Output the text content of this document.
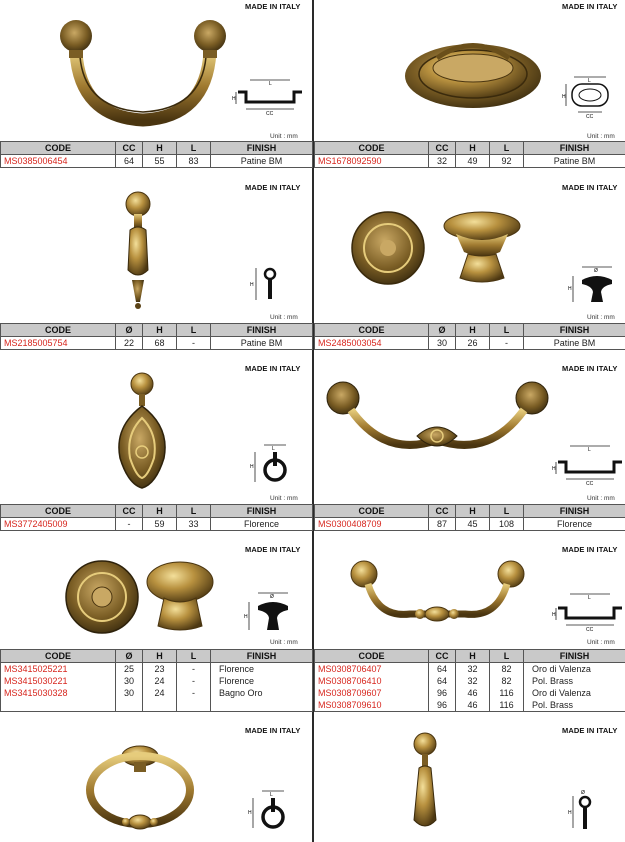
MADE IN ITALY
L
H
CC
Unit : mm
CODE	CC	H	L	FINISH
MS0385006454	64	55	83	Patine BM
MADE IN ITALY
L
H
CC
Unit : mm
CODE	CC	H	L	FINISH
MS1678092590	32	49	92	Patine BM
MADE IN ITALY
H
Unit : mm
CODE	Ø	H	L	FINISH
MS2185005754	22	68	-	Patine BM
MADE IN ITALY
Ø
H
Unit : mm
CODE	Ø	H	L	FINISH
MS2485003054	30	26	-	Patine BM
MADE IN ITALY
L
H
Unit : mm
CODE	CC	H	L	FINISH
MS3772405009	-	59	33	Florence
MADE IN ITALY
L
H
CC
Unit : mm
CODE	CC	H	L	FINISH
MS0300408709	87	45	108	Florence
MADE IN ITALY
Ø
H
Unit : mm
CODE	Ø	H	L	FINISH
MS3415025221	25	23	-	Florence
MS3415030221	30	24	-	Florence
MS3415030328	30	24	-	Bagno Oro

MADE IN ITALY
L
H
CC
Unit : mm
CODE	CC	H	L	FINISH
MS0308706407	64	32	82	Oro di Valenza
MS0308706410	64	32	82	Pol. Brass
MS0308709607	96	46	116	Oro di Valenza
MS0308709610	96	46	116	Pol. Brass
MADE IN ITALY
L
H
MADE IN ITALY
Ø
H
